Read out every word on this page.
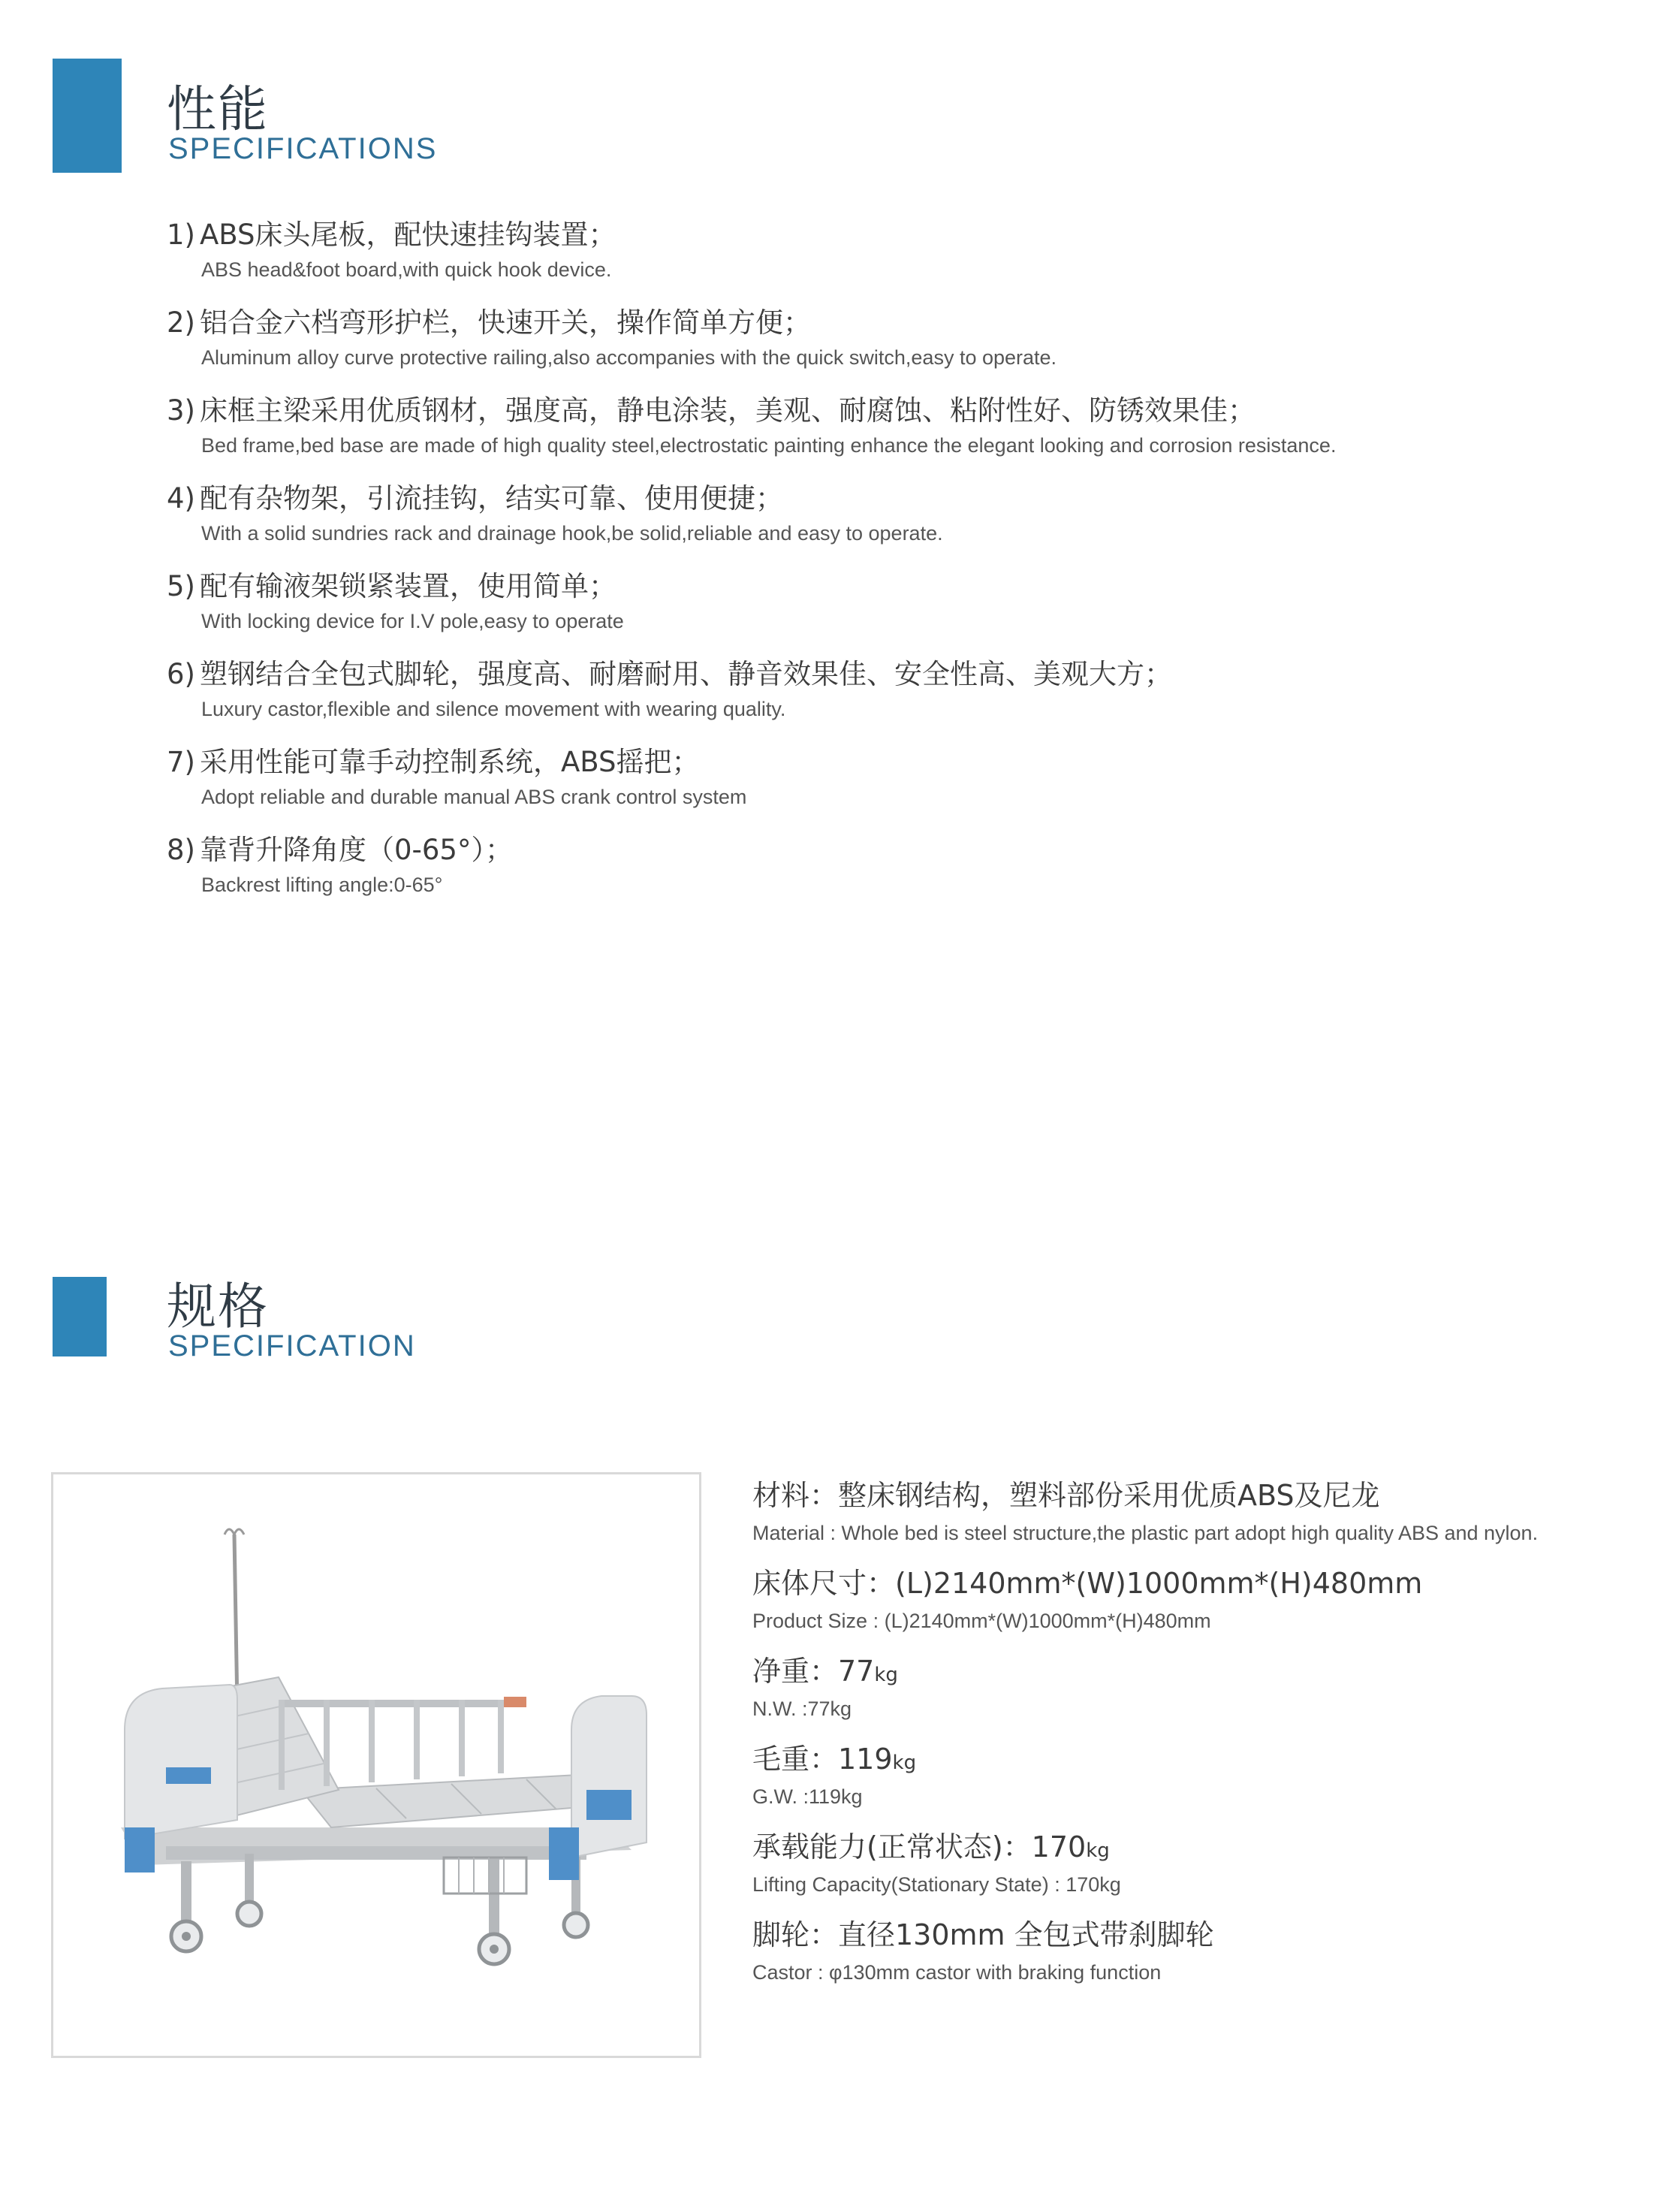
性能
SPECIFICATIONS
1) ABS床头尾板，配快速挂钩装置；
ABS head&foot board,with quick hook device.
2) 铝合金六档弯形护栏，快速开关，操作简单方便；
Aluminum alloy curve protective railing,also accompanies with the quick switch,easy to operate.
3) 床框主梁采用优质钢材，强度高，静电涂装，美观、耐腐蚀、粘附性好、防锈效果佳；
Bed frame,bed base are made of high quality steel,electrostatic painting enhance the elegant looking and corrosion resistance.
4) 配有杂物架，引流挂钩，结实可靠、使用便捷；
With a solid sundries rack and drainage hook,be solid,reliable and easy to operate.
5) 配有输液架锁紧装置，使用简单；
With locking device for I.V pole,easy to operate
6) 塑钢结合全包式脚轮，强度高、耐磨耐用、静音效果佳、安全性高、美观大方；
Luxury castor,flexible and silence movement with wearing quality.
7) 采用性能可靠手动控制系统，ABS摇把；
Adopt reliable and durable manual ABS crank control system
8) 靠背升降角度（0-65°）；
Backrest lifting angle:0-65°
规格
SPECIFICATION
材料：整床钢结构，塑料部份采用优质ABS及尼龙
Material : Whole bed is steel structure,the plastic part adopt high quality ABS and nylon.
床体尺寸：(L)2140mm*(W)1000mm*(H)480mm
Product Size : (L)2140mm*(W)1000mm*(H)480mm
净重：77kg
N.W. :77kg
毛重：119kg
G.W. :119kg
承载能力(正常状态)：170kg
Lifting Capacity(Stationary State) : 170kg
脚轮：直径130mm 全包式带刹脚轮
Castor : φ130mm castor with braking function
